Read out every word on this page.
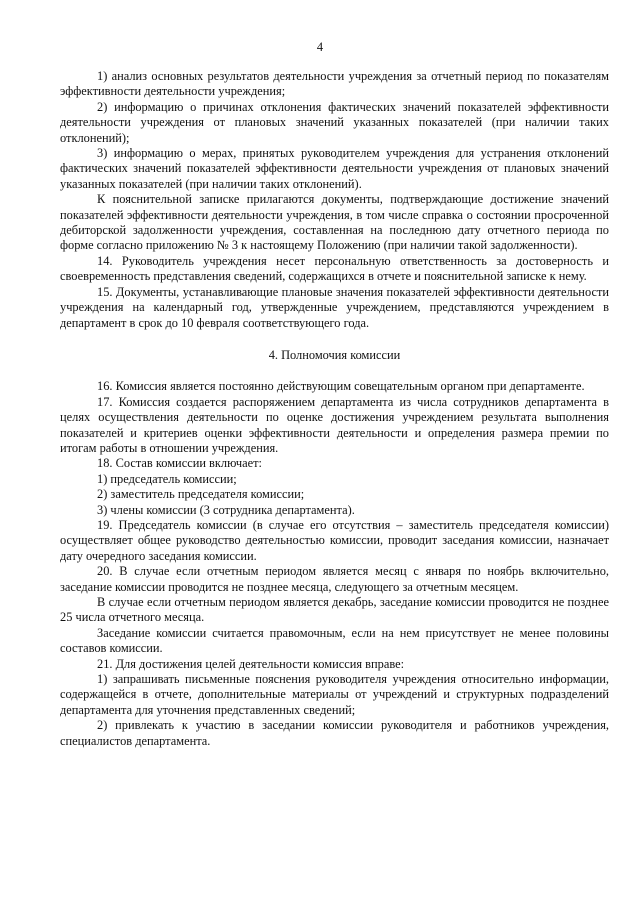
4

1) анализ основных результатов деятельности учреждения за отчетный период по показателям эффективности деятельности учреждения;

2) информацию о причинах отклонения фактических значений показателей эффективности деятельности учреждения от плановых значений указанных показателей (при наличии таких отклонений);

3) информацию о мерах, принятых руководителем учреждения для устранения отклонений фактических значений показателей эффективности деятельности учреждения от плановых значений указанных показателей (при наличии таких отклонений).

К пояснительной записке прилагаются документы, подтверждающие достижение значений показателей эффективности деятельности учреждения, в том числе справка о состоянии просроченной дебиторской задолженности учреждения, составленная на последнюю дату отчетного периода по форме согласно приложению № 3 к настоящему Положению (при наличии такой задолженности).

14. Руководитель учреждения несет персональную ответственность за достоверность и своевременность представления сведений, содержащихся в отчете и пояснительной записке к нему.

15. Документы, устанавливающие плановые значения показателей эффективности деятельности учреждения на календарный год, утвержденные учреждением, представляются учреждением в департамент в срок до 10 февраля соответствующего года.

4. Полномочия комиссии

16. Комиссия является постоянно действующим совещательным органом при департаменте.

17. Комиссия создается распоряжением департамента из числа сотрудников департамента в целях осуществления деятельности по оценке достижения учреждением результата выполнения показателей и критериев оценки эффективности деятельности и определения размера премии по итогам работы в отношении учреждения.

18. Состав комиссии включает:

1) председатель комиссии;

2) заместитель председателя комиссии;

3) члены комиссии (3 сотрудника департамента).

19. Председатель комиссии (в случае его отсутствия – заместитель председателя комиссии) осуществляет общее руководство деятельностью комиссии, проводит заседания комиссии, назначает дату очередного заседания комиссии.

20. В случае если отчетным периодом является месяц с января по ноябрь включительно, заседание комиссии проводится не позднее месяца, следующего за отчетным месяцем.

В случае если отчетным периодом является декабрь, заседание комиссии проводится не позднее 25 числа отчетного месяца.

Заседание комиссии считается правомочным, если на нем присутствует не менее половины составов комиссии.

21. Для достижения целей деятельности комиссия вправе:

1) запрашивать письменные пояснения руководителя учреждения относительно информации, содержащейся в отчете, дополнительные материалы от учреждений и структурных подразделений департамента для уточнения представленных сведений;

2) привлекать к участию в заседании комиссии руководителя и работников учреждения, специалистов департамента.
